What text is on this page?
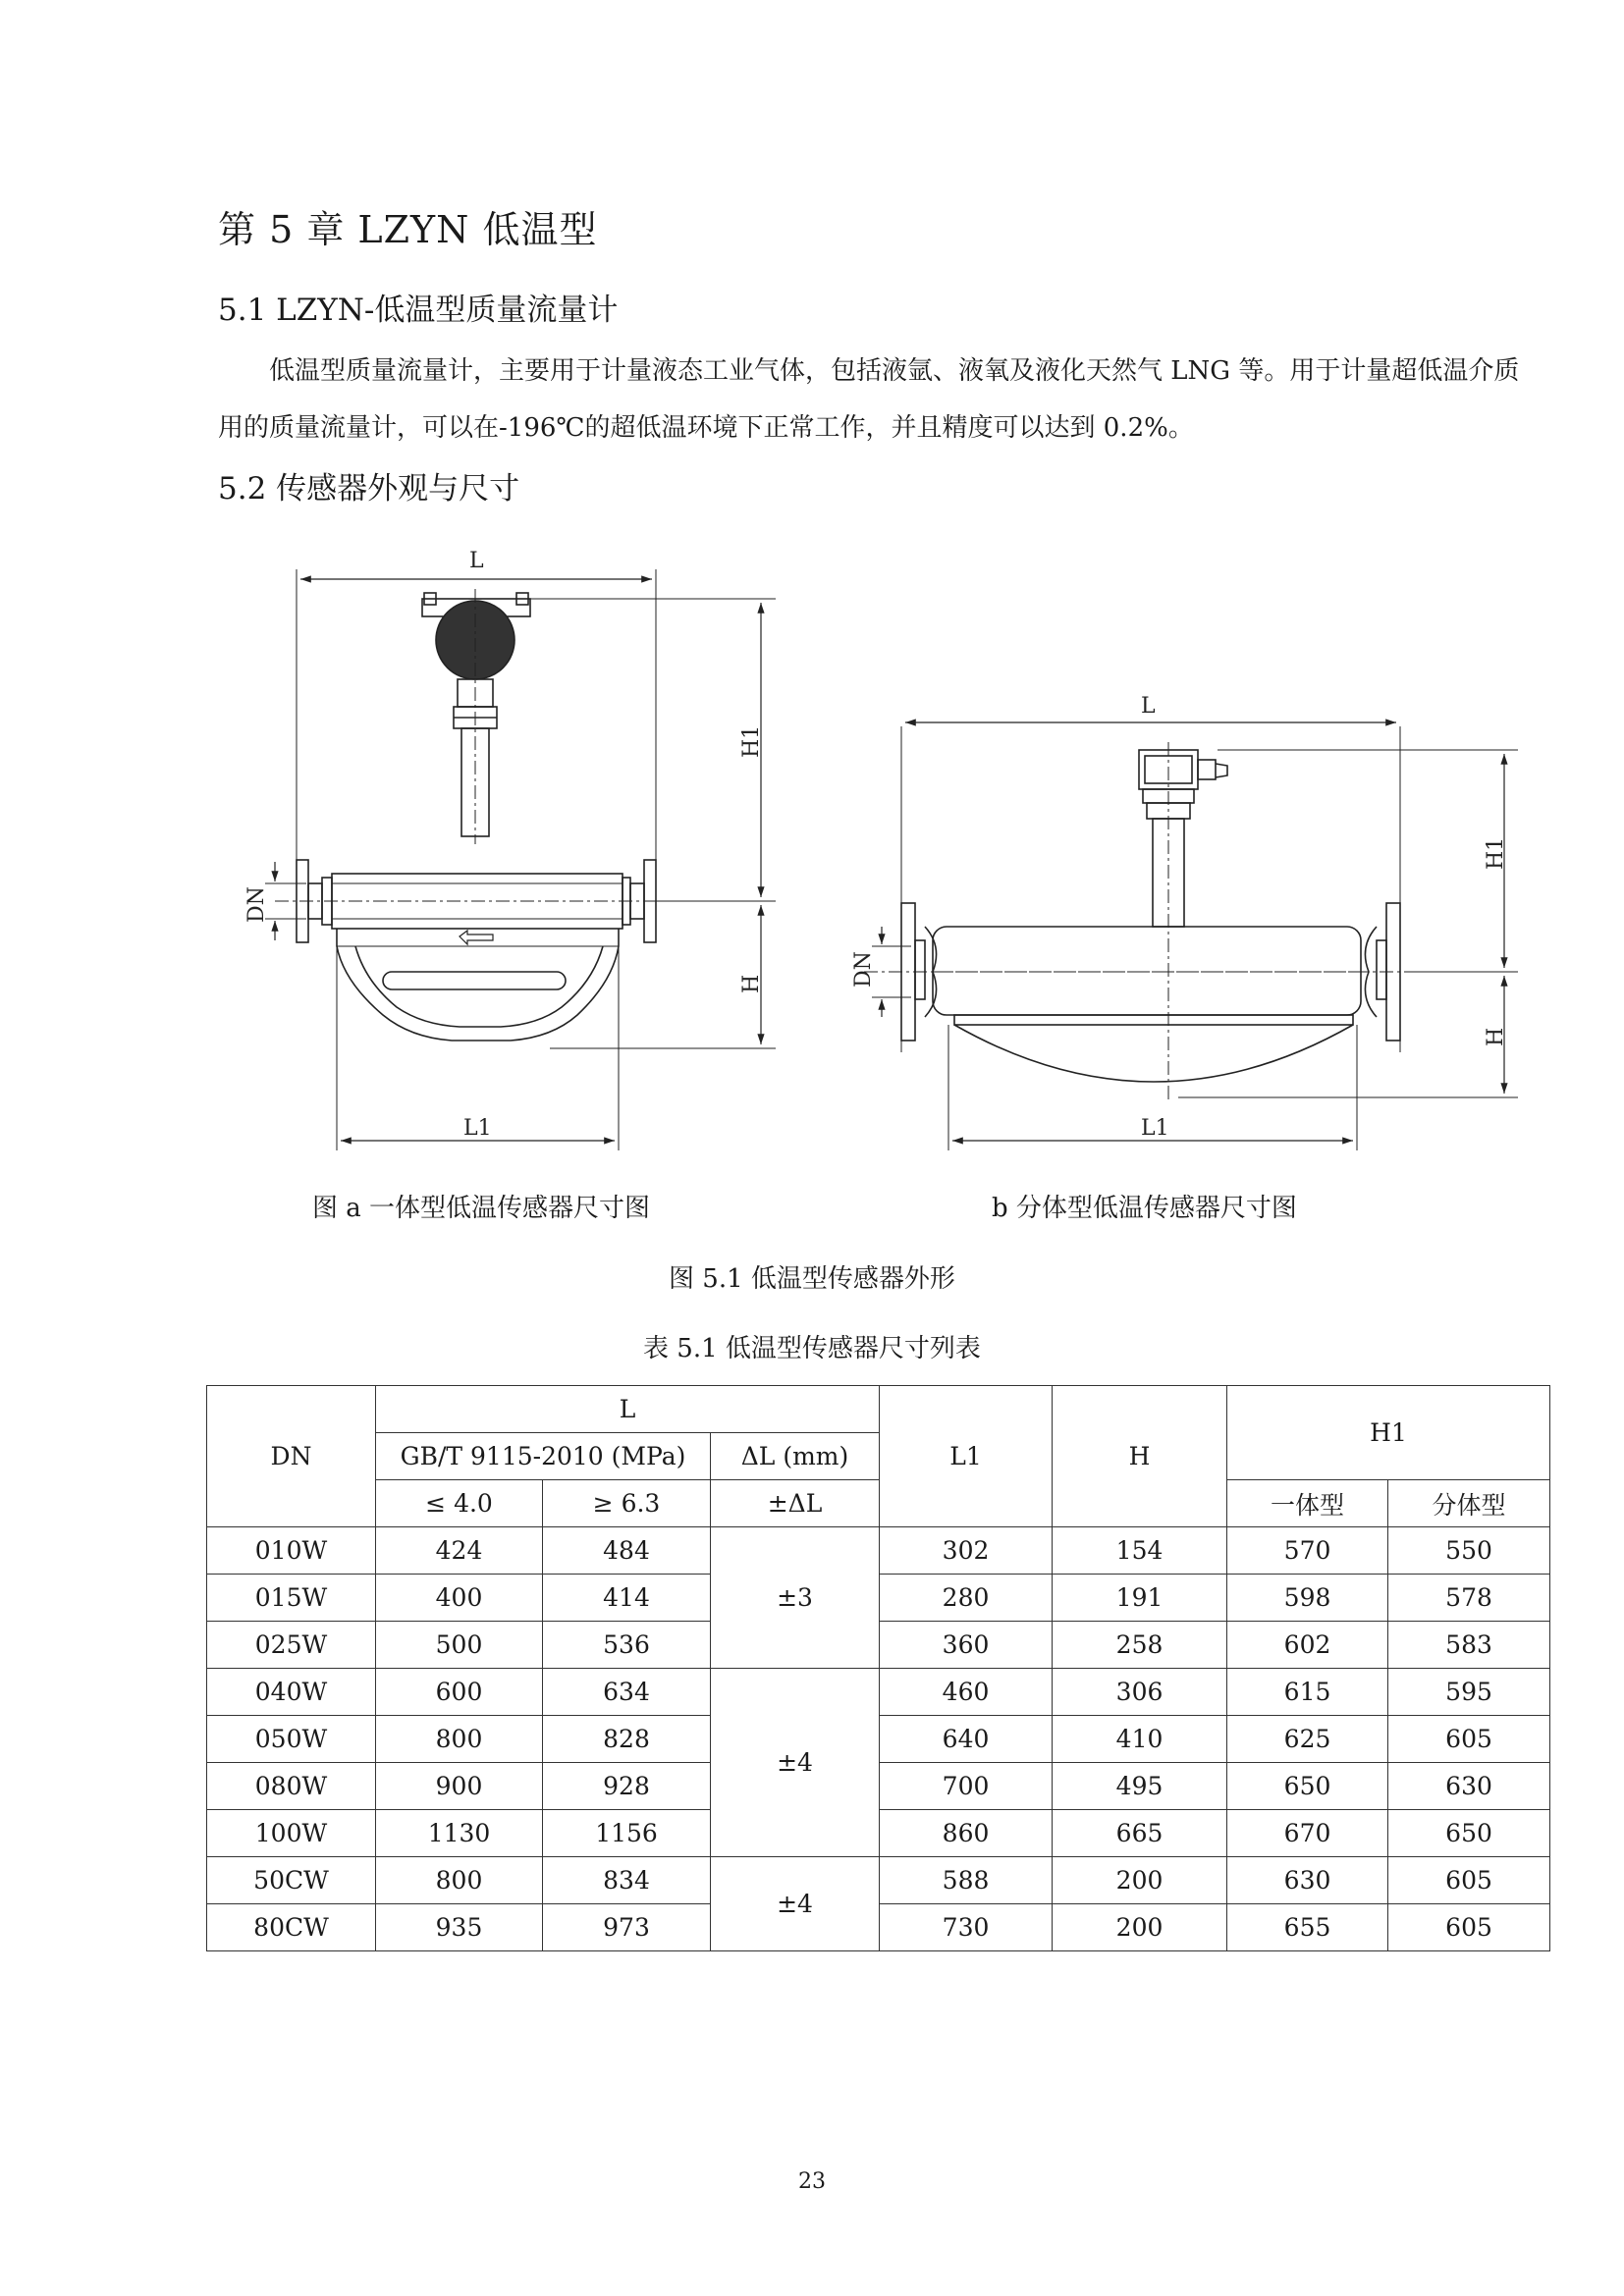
第 5 章 LZYN 低温型
5.1 LZYN-低温型质量流量计
低温型质量流量计，主要用于计量液态工业气体，包括液氩、液氧及液化天然气 LNG 等。用于计量超低温介质用的质量流量计，可以在-196℃的超低温环境下正常工作，并且精度可以达到 0.2%。
5.2 传感器外观与尺寸
L
H1
H
DN
L1
L
H1
H
DN
L1
图 a 一体型低温传感器尺寸图	b 分体型低温传感器尺寸图
图 5.1 低温型传感器外形
表 5.1 低温型传感器尺寸列表
DN	L			L1	H	H1	
	GB/T 9115-2010 (MPa)		ΔL (mm)				
	≤ 4.0	≥ 6.3	±ΔL			一体型	分体型
010W	424	484	±3	302	154	570	550
015W	400	414		280	191	598	578
025W	500	536		360	258	602	583
040W	600	634	±4	460	306	615	595
050W	800	828		640	410	625	605
080W	900	928		700	495	650	630
100W	1130	1156		860	665	670	650
50CW	800	834	±4	588	200	630	605
80CW	935	973		730	200	655	605
23
